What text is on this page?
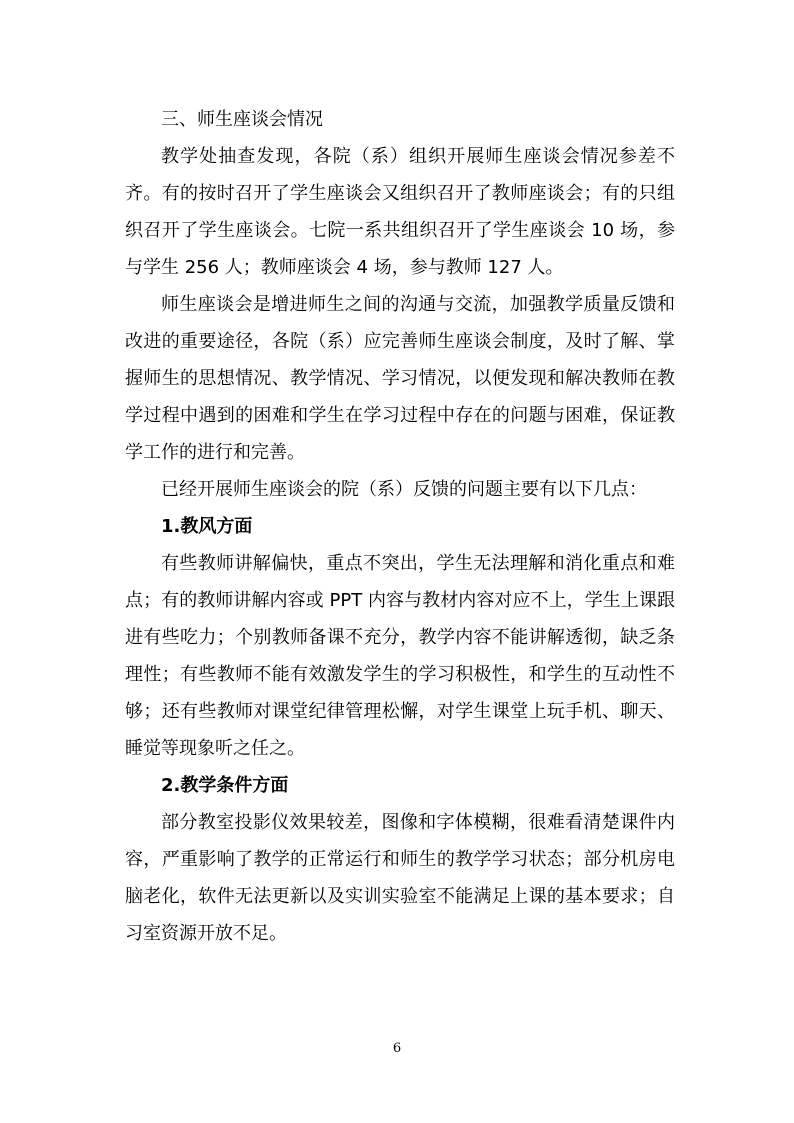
三、师生座谈会情况

教学处抽查发现，各院（系）组织开展师生座谈会情况参差不齐。有的按时召开了学生座谈会又组织召开了教师座谈会；有的只组织召开了学生座谈会。七院一系共组织召开了学生座谈会 10 场，参与学生 256 人；教师座谈会 4 场，参与教师 127 人。

师生座谈会是增进师生之间的沟通与交流，加强教学质量反馈和改进的重要途径，各院（系）应完善师生座谈会制度，及时了解、掌握师生的思想情况、教学情况、学习情况，以便发现和解决教师在教学过程中遇到的困难和学生在学习过程中存在的问题与困难，保证教学工作的进行和完善。

已经开展师生座谈会的院（系）反馈的问题主要有以下几点：

1.教风方面

有些教师讲解偏快，重点不突出，学生无法理解和消化重点和难点；有的教师讲解内容或 PPT 内容与教材内容对应不上，学生上课跟进有些吃力；个别教师备课不充分，教学内容不能讲解透彻，缺乏条理性；有些教师不能有效激发学生的学习积极性，和学生的互动性不够；还有些教师对课堂纪律管理松懈，对学生课堂上玩手机、聊天、睡觉等现象听之任之。

2.教学条件方面

部分教室投影仪效果较差，图像和字体模糊，很难看清楚课件内容，严重影响了教学的正常运行和师生的教学学习状态；部分机房电脑老化，软件无法更新以及实训实验室不能满足上课的基本要求；自习室资源开放不足。

6
